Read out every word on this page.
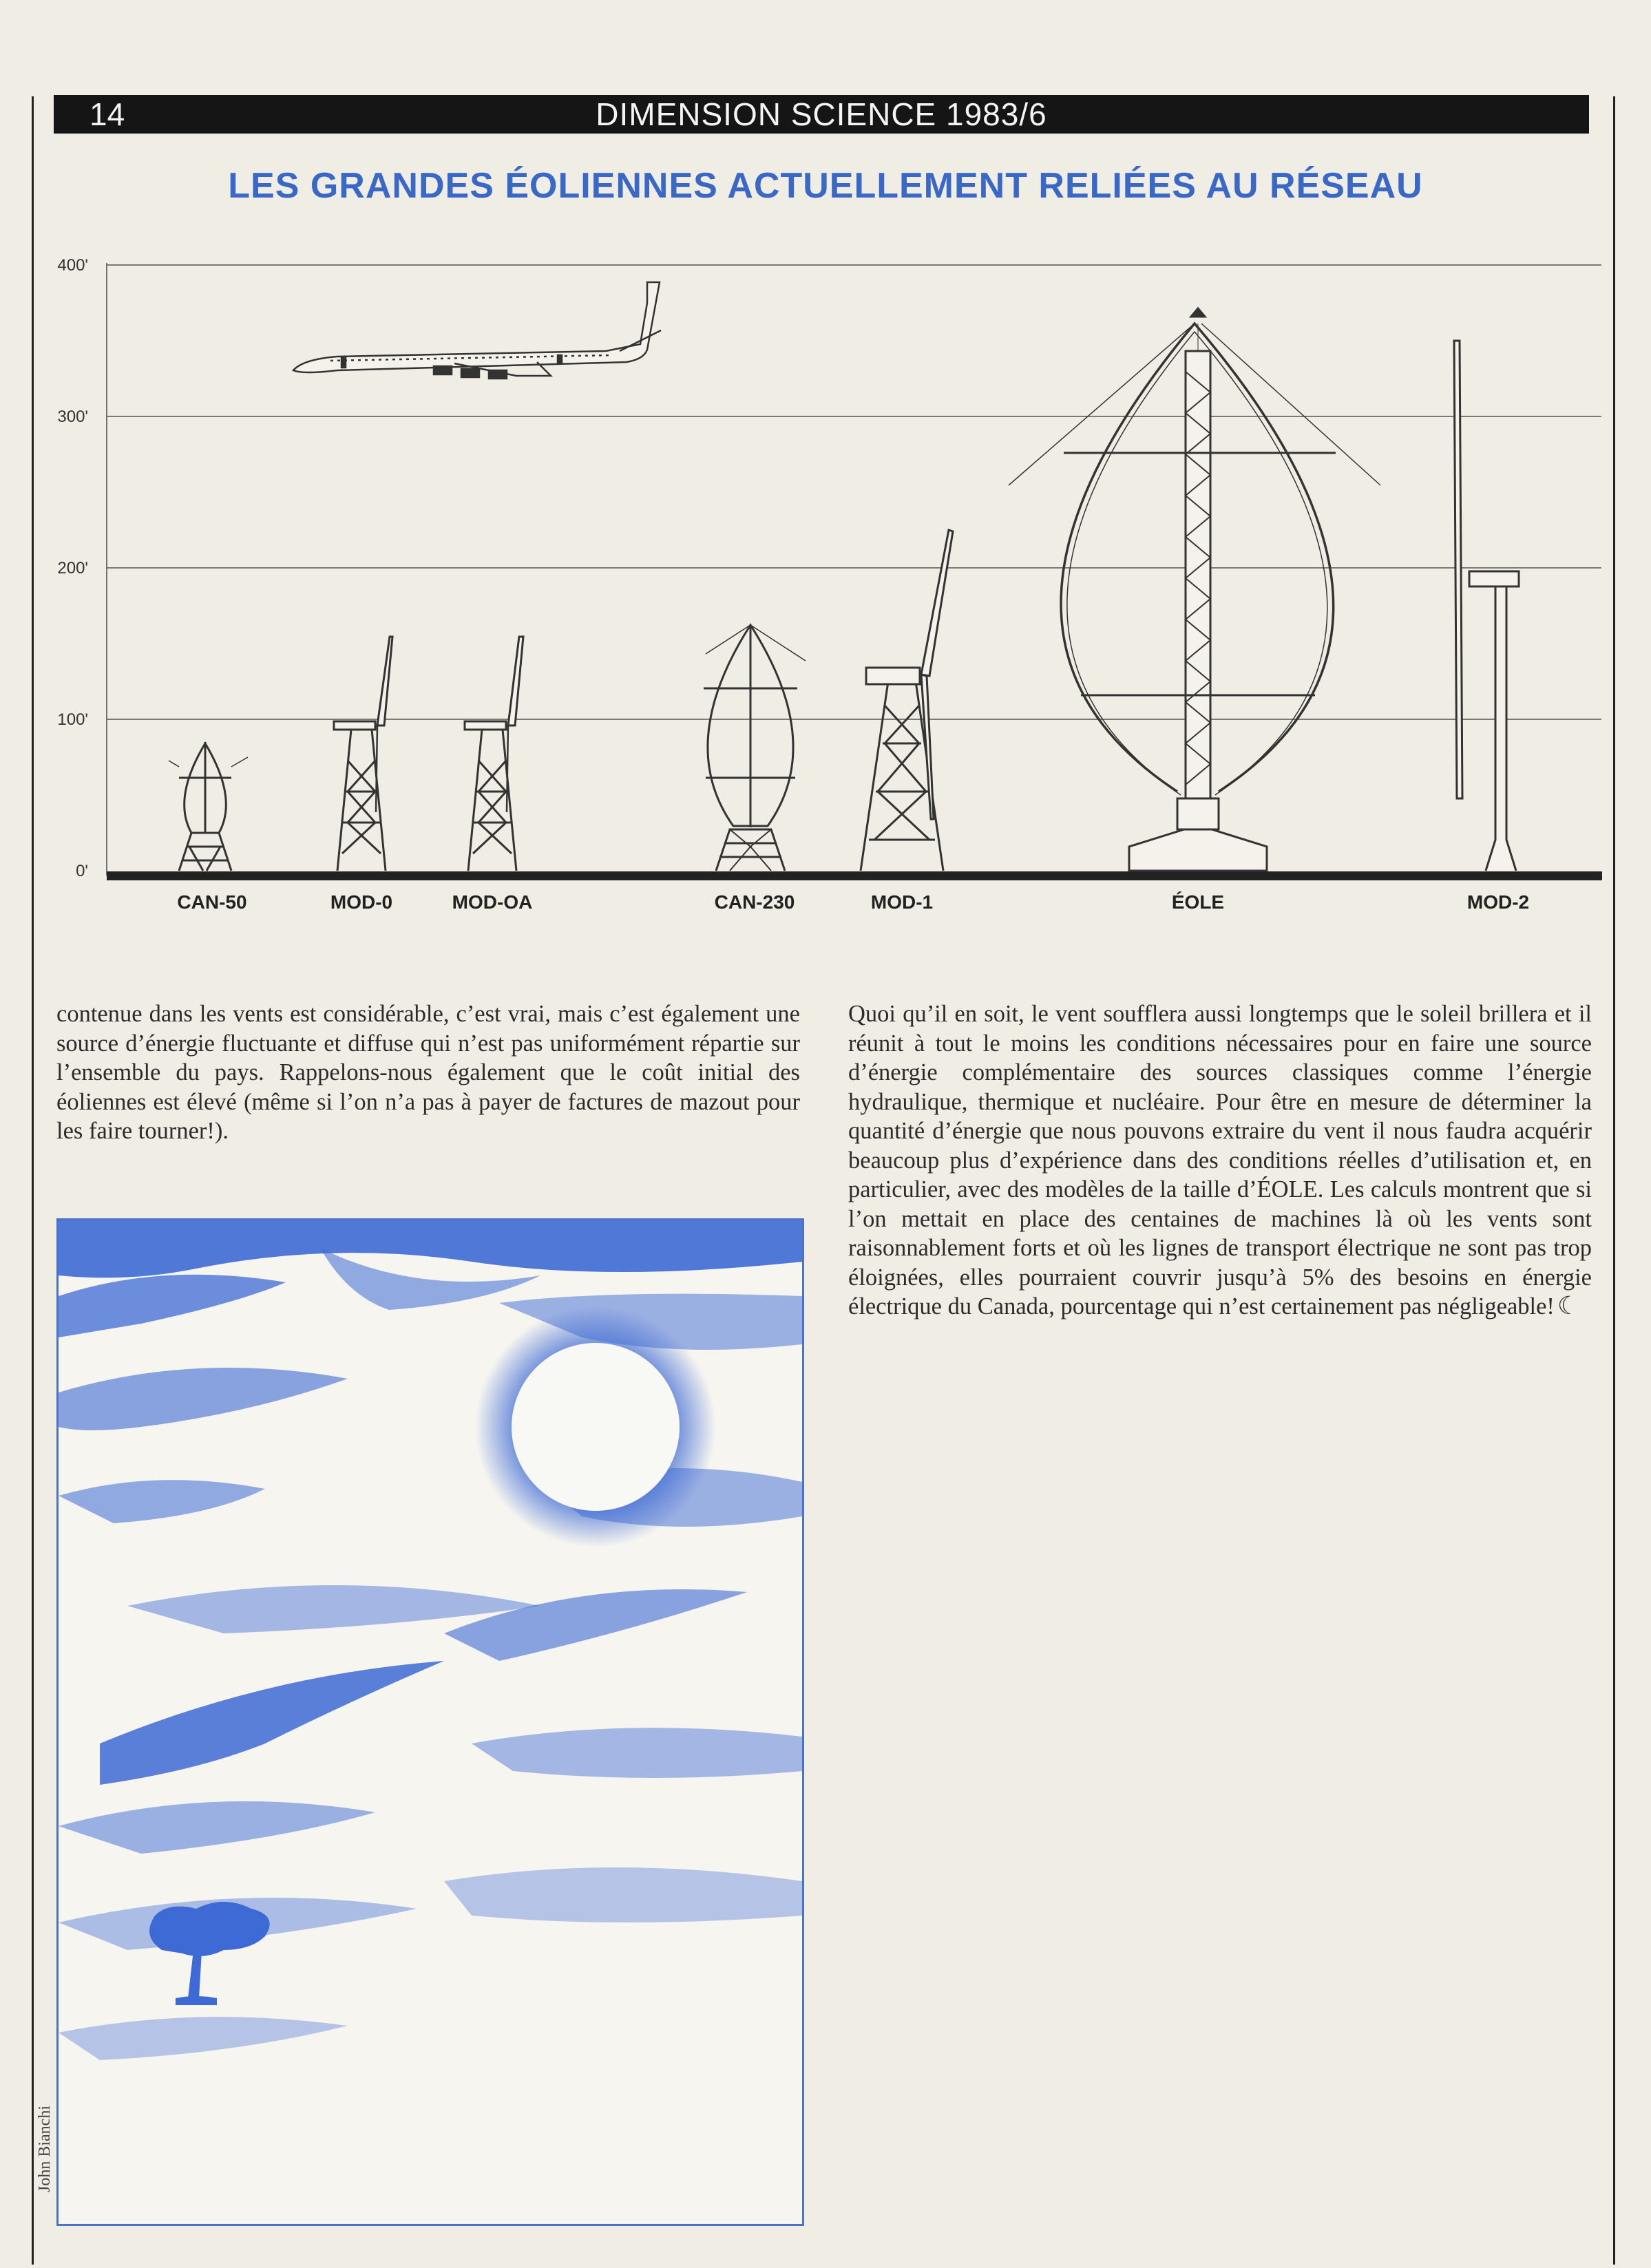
14	DIMENSION SCIENCE 1983/6
LES GRANDES ÉOLIENNES ACTUELLEMENT RELIÉES AU RÉSEAU
0'
100'
200'
300'
400'
CAN-50	MOD-0	MOD-OA	CAN-230	MOD-1	ÉOLE	MOD-2
contenue dans les vents est considérable, c’est vrai, mais c’est également une source d’énergie fluctuante et diffuse qui n’est pas uniformément répartie sur l’ensemble du pays. Rappelons-nous également que le coût initial des éoliennes est élevé (même si l’on n’a pas à payer de factures de mazout pour les faire tourner!).
Quoi qu’il en soit, le vent soufflera aussi longtemps que le soleil brillera et il réunit à tout le moins les conditions nécessaires pour en faire une source d’énergie complémentaire des sources classiques comme l’énergie hydraulique, thermique et nucléaire. Pour être en mesure de déterminer la quantité d’énergie que nous pouvons extraire du vent il nous faudra acquérir beaucoup plus d’expérience dans des conditions réelles d’utilisation et, en particulier, avec des modèles de la taille d’ÉOLE. Les calculs montrent que si l’on mettait en place des centaines de machines là où les vents sont raisonnablement forts et où les lignes de transport électrique ne sont pas trop éloignées, elles pourraient couvrir jusqu’à 5% des besoins en énergie électrique du Canada, pourcentage qui n’est certainement pas négligeable! ☾
John Bianchi
